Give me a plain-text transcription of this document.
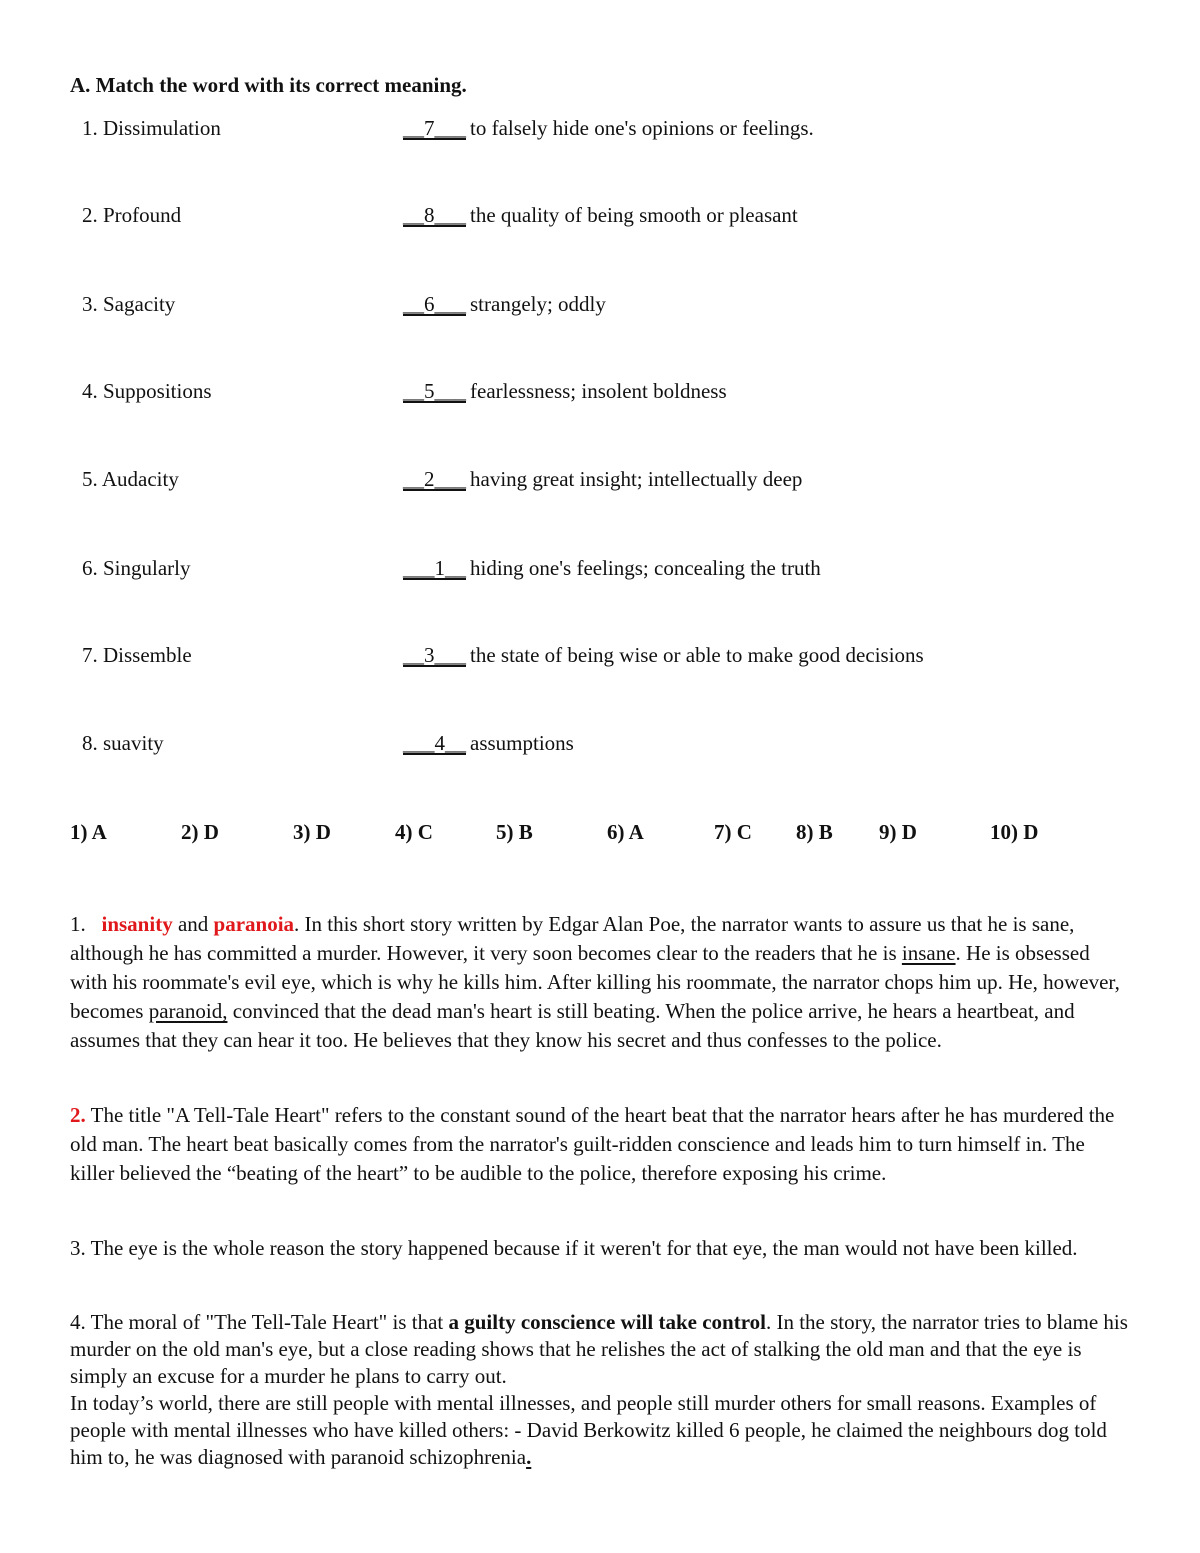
A. Match the word with its correct meaning.
1. Dissimulation	__7___ to falsely hide one's opinions or feelings.
2. Profound	__8___ the quality of being smooth or pleasant
3. Sagacity	__6___ strangely; oddly
4. Suppositions	__5___ fearlessness; insolent boldness
5. Audacity	__2___ having great insight; intellectually deep
6. Singularly	___1__ hiding one's feelings; concealing the truth
7. Dissemble	__3___ the state of being wise or able to make good decisions
8. suavity	___4__ assumptions
1) A	2) D	3) D	4) C	5) B	6) A	7) C 8) B 9) D	10) D
1. insanity and paranoia. In this short story written by Edgar Alan Poe, the narrator wants to assure us that he is sane, although he has committed a murder. However, it very soon becomes clear to the readers that he is insane. He is obsessed with his roommate's evil eye, which is why he kills him. After killing his roommate, the narrator chops him up. He, however, becomes paranoid, convinced that the dead man's heart is still beating. When the police arrive, he hears a heartbeat, and assumes that they can hear it too. He believes that they know his secret and thus confesses to the police.
2. The title "A Tell-Tale Heart" refers to the constant sound of the heart beat that the narrator hears after he has murdered the old man. The heart beat basically comes from the narrator's guilt-ridden conscience and leads him to turn himself in. The killer believed the “beating of the heart” to be audible to the police, therefore exposing his crime.
3. The eye is the whole reason the story happened because if it weren't for that eye, the man would not have been killed.
4. The moral of "The Tell-Tale Heart" is that a guilty conscience will take control. In the story, the narrator tries to blame his murder on the old man's eye, but a close reading shows that he relishes the act of stalking the old man and that the eye is simply an excuse for a murder he plans to carry out.
In today’s world, there are still people with mental illnesses, and people still murder others for small reasons. Examples of people with mental illnesses who have killed others: - David Berkowitz killed 6 people, he claimed the neighbours dog told him to, he was diagnosed with paranoid schizophrenia.
